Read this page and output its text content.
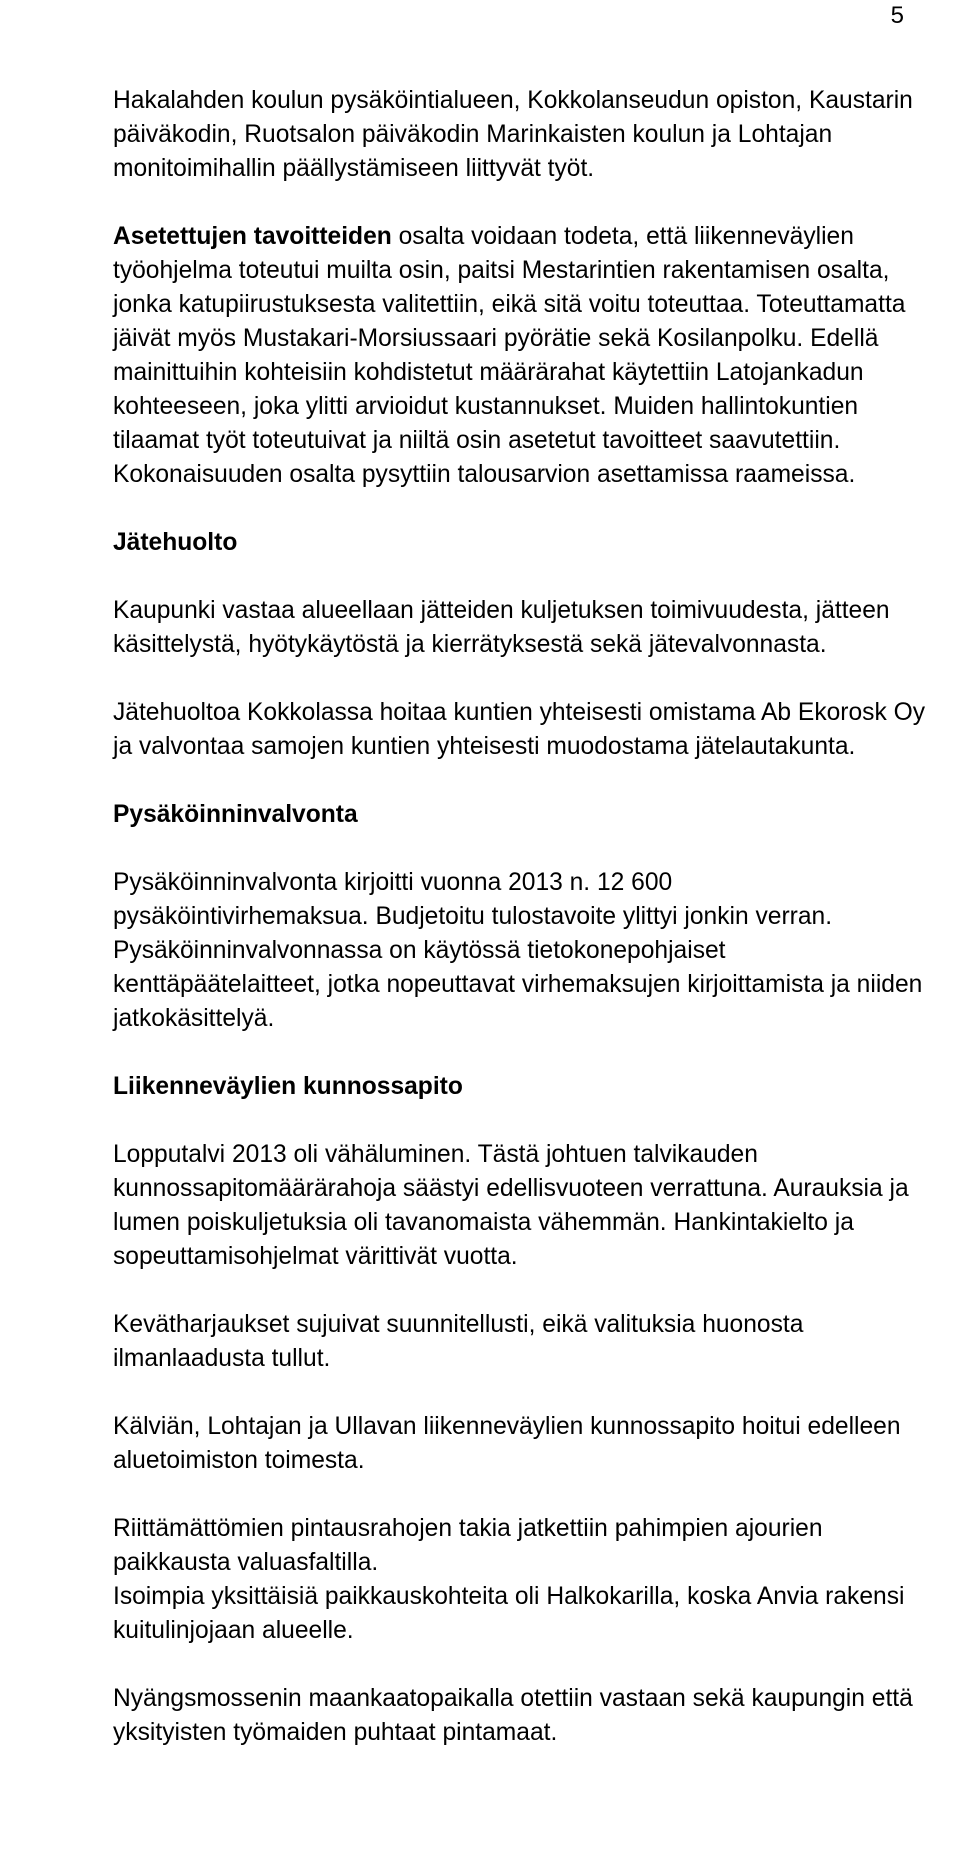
5

Hakalahden koulun pysäköintialueen, Kokkolanseudun opiston, Kaustarin päiväkodin, Ruotsalon päiväkodin Marinkaisten koulun ja Lohtajan monitoimihallin päällystämiseen liittyvät työt.

Asetettujen tavoitteiden osalta voidaan todeta, että liikenneväylien työohjelma toteutui muilta osin, paitsi Mestarintien rakentamisen osalta, jonka katupiirustuksesta valitettiin, eikä sitä voitu toteuttaa. Toteuttamatta jäivät myös Mustakari-Morsiussaari pyörätie sekä Kosilanpolku. Edellä mainittuihin kohteisiin kohdistetut määrärahat käytettiin Latojankadun kohteeseen, joka ylitti arvioidut kustannukset. Muiden hallintokuntien tilaamat työt toteutuivat ja niiltä osin asetetut tavoitteet saavutettiin. Kokonaisuuden osalta pysyttiin talousarvion asettamissa raameissa.

Jätehuolto

Kaupunki vastaa alueellaan jätteiden kuljetuksen toimivuudesta, jätteen käsittelystä, hyötykäytöstä ja kierrätyksestä sekä jätevalvonnasta.

Jätehuoltoa Kokkolassa hoitaa kuntien yhteisesti omistama Ab Ekorosk Oy ja valvontaa samojen kuntien yhteisesti muodostama jätelautakunta.

Pysäköinninvalvonta

Pysäköinninvalvonta kirjoitti vuonna 2013 n. 12 600 pysäköintivirhemaksua. Budjetoitu tulostavoite ylittyi jonkin verran. Pysäköinninvalvonnassa on käytössä tietokonepohjaiset kenttäpäätelaitteet, jotka nopeuttavat virhemaksujen kirjoittamista ja niiden jatkokäsittelyä.

Liikenneväylien kunnossapito

Lopputalvi 2013 oli vähäluminen. Tästä johtuen talvikauden kunnossapitomäärärahoja säästyi edellisvuoteen verrattuna. Aurauksia ja lumen poiskuljetuksia oli tavanomaista vähemmän. Hankintakielto ja sopeuttamisohjelmat värittivät vuotta.

Kevätharjaukset sujuivat suunnitellusti, eikä valituksia huonosta ilmanlaadusta tullut.

Kälviän, Lohtajan ja Ullavan liikenneväylien kunnossapito hoitui edelleen aluetoimiston toimesta.

Riittämättömien pintausrahojen takia jatkettiin pahimpien ajourien paikkausta valuasfaltilla.

Isoimpia yksittäisiä paikkauskohteita oli Halkokarilla, koska Anvia rakensi kuitulinjojaan alueelle.

Nyängsmossenin maankaatopaikalla otettiin vastaan sekä kaupungin että yksityisten työmaiden puhtaat pintamaat.
